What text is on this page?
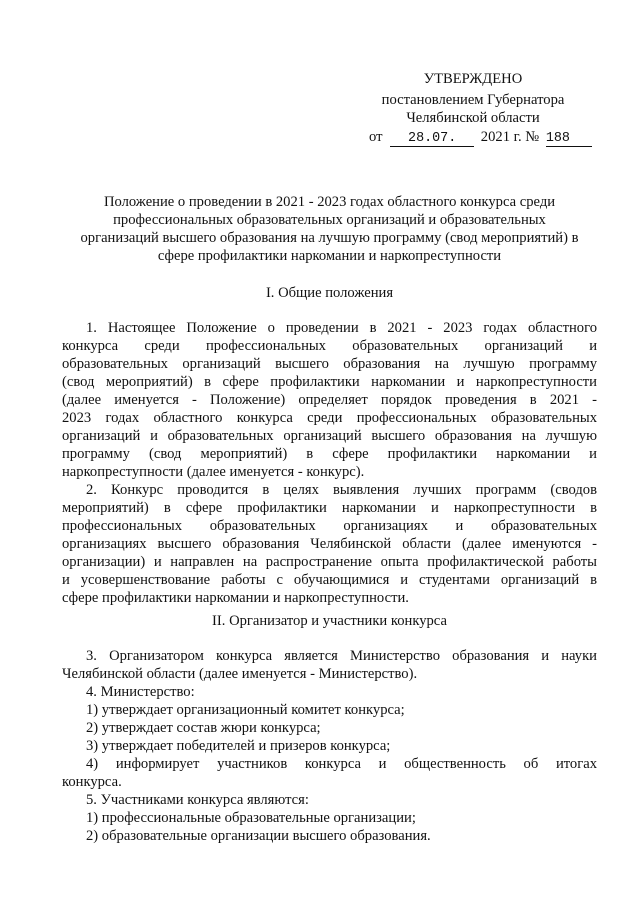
УТВЕРЖДЕНО
постановлением Губернатора
Челябинской области
от 28.07. 2021 г. № 188
Положение о проведении в 2021 - 2023 годах областного конкурса среди
профессиональных образовательных организаций и образовательных
организаций высшего образования на лучшую программу (свод мероприятий) в
сфере профилактики наркомании и наркопреступности
I. Общие положения
1. Настоящее Положение о проведении в 2021 - 2023 годах областного
конкурса среди профессиональных образовательных организаций и
образовательных организаций высшего образования на лучшую программу
(свод мероприятий) в сфере профилактики наркомании и наркопреступности
(далее именуется - Положение) определяет порядок проведения в 2021 -
2023 годах областного конкурса среди профессиональных образовательных
организаций и образовательных организаций высшего образования на лучшую
программу (свод мероприятий) в сфере профилактики наркомании и
наркопреступности (далее именуется - конкурс).
2. Конкурс проводится в целях выявления лучших программ (сводов
мероприятий) в сфере профилактики наркомании и наркопреступности в
профессиональных образовательных организациях и образовательных
организациях высшего образования Челябинской области (далее именуются -
организации) и направлен на распространение опыта профилактической работы
и усовершенствование работы с обучающимися и студентами организаций в
сфере профилактики наркомании и наркопреступности.
II. Организатор и участники конкурса
3. Организатором конкурса является Министерство образования и науки
Челябинской области (далее именуется - Министерство).
4. Министерство:
1) утверждает организационный комитет конкурса;
2) утверждает состав жюри конкурса;
3) утверждает победителей и призеров конкурса;
4) информирует участников конкурса и общественность об итогах
конкурса.
5. Участниками конкурса являются:
1) профессиональные образовательные организации;
2) образовательные организации высшего образования.
